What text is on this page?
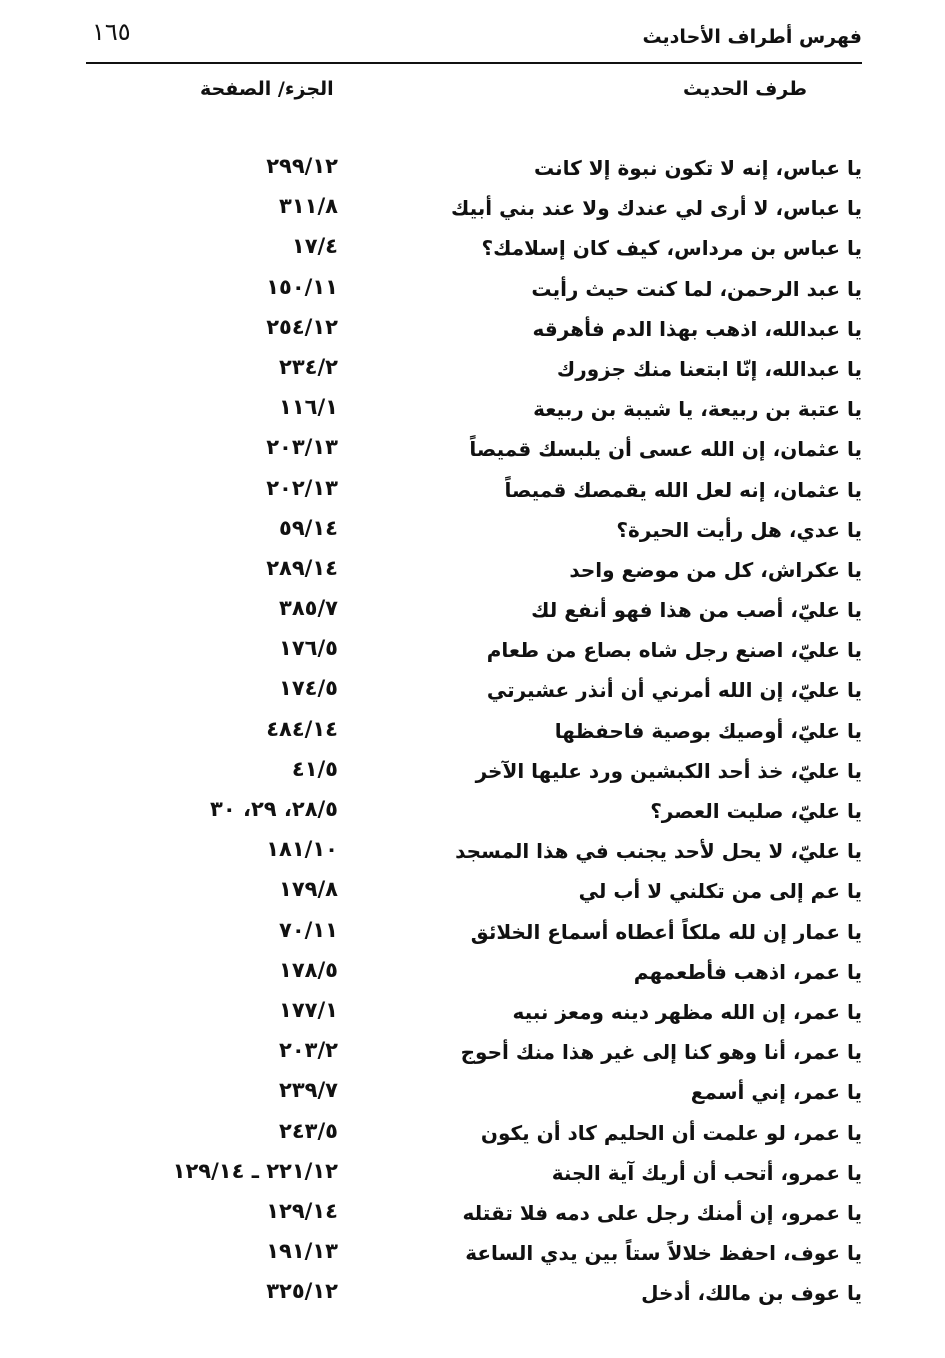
فهرس أطراف الأحاديث
١٦٥
طرف الحديث
الجزء/ الصفحة
يا عباس، إنه لا تكون نبوة إلا كانت
٢٩٩/١٢
يا عباس، لا أرى لي عندك ولا عند بني أبيك
٣١١/٨
يا عباس بن مرداس، كيف كان إسلامك؟
١٧/٤
يا عبد الرحمن، لما كنت حيث رأيت
١٥٠/١١
يا عبدالله، اذهب بهذا الدم فأهرقه
٢٥٤/١٢
يا عبدالله، إنّا ابتعنا منك جزورك
٢٣٤/٢
يا عتبة بن ربيعة، يا شيبة بن ربيعة
١١٦/١
يا عثمان، إن الله عسى أن يلبسك قميصاً
٢٠٣/١٣
يا عثمان، إنه لعل الله يقمصك قميصاً
٢٠٢/١٣
يا عدي، هل رأيت الحيرة؟
٥٩/١٤
يا عكراش، كل من موضع واحد
٢٨٩/١٤
يا عليّ، أصب من هذا فهو أنفع لك
٣٨٥/٧
يا عليّ، اصنع رجل شاه بصاع من طعام
١٧٦/٥
يا عليّ، إن الله أمرني أن أنذر عشيرتي
١٧٤/٥
يا عليّ، أوصيك بوصية فاحفظها
٤٨٤/١٤
يا عليّ، خذ أحد الكبشين ورد عليها الآخر
٤١/٥
يا عليّ، صليت العصر؟
٢٨/٥، ٢٩، ٣٠
يا عليّ، لا يحل لأحد يجنب في هذا المسجد
١٨١/١٠
يا عم إلى من تكلني لا أب لي
١٧٩/٨
يا عمار إن لله ملكاً أعطاه أسماع الخلائق
٧٠/١١
يا عمر، اذهب فأطعمهم
١٧٨/٥
يا عمر، إن الله مظهر دينه ومعز نبيه
١٧٧/١
يا عمر، أنا وهو كنا إلى غير هذا منك أحوج
٢٠٣/٢
يا عمر، إني أسمع
٢٣٩/٧
يا عمر، لو علمت أن الحليم كاد أن يكون
٢٤٣/٥
يا عمرو، أتحب أن أريك آية الجنة
٢٢١/١٢ ـ ١٢٩/١٤
يا عمرو، إن أمنك رجل على دمه فلا تقتله
١٢٩/١٤
يا عوف، احفظ خلالاً ستاً بين يدي الساعة
١٩١/١٣
يا عوف بن مالك، أدخل
٣٢٥/١٢
